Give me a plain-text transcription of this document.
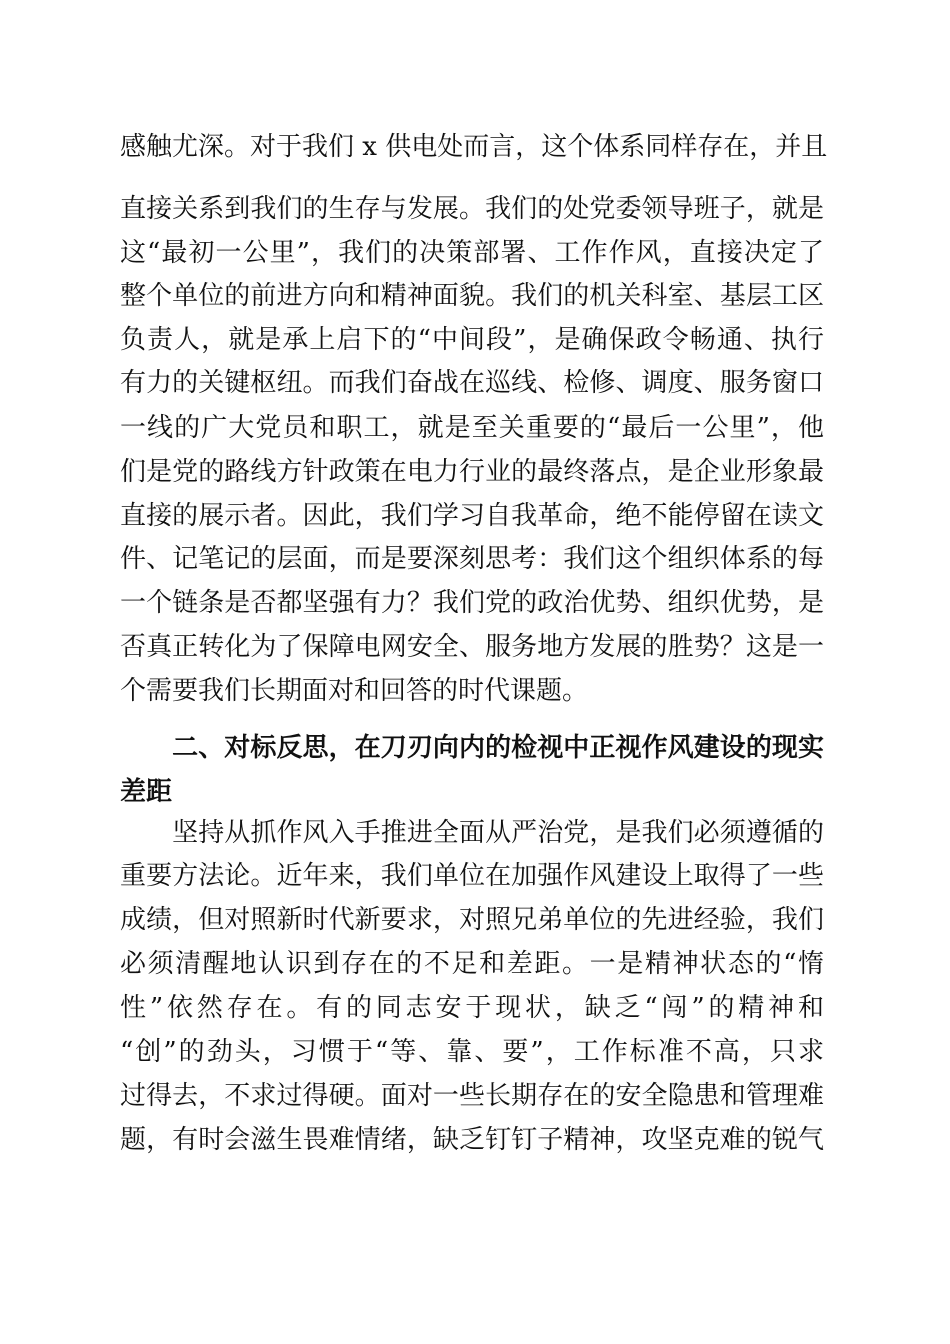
感触尤深。对于我们 x 供电处而言，这个体系同样存在，并且
直接关系到我们的生存与发展。我们的处党委领导班子，就是
这“最初一公里”，我们的决策部署、工作作风，直接决定了
整个单位的前进方向和精神面貌。我们的机关科室、基层工区
负责人，就是承上启下的“中间段”，是确保政令畅通、执行
有力的关键枢纽。而我们奋战在巡线、检修、调度、服务窗口
一线的广大党员和职工，就是至关重要的“最后一公里”，他
们是党的路线方针政策在电力行业的最终落点，是企业形象最
直接的展示者。因此，我们学习自我革命，绝不能停留在读文
件、记笔记的层面，而是要深刻思考：我们这个组织体系的每
一个链条是否都坚强有力？我们党的政治优势、组织优势，是
否真正转化为了保障电网安全、服务地方发展的胜势？这是一
个需要我们长期面对和回答的时代课题。
　　二、对标反思，在刀刃向内的检视中正视作风建设的现实
差距
　　坚持从抓作风入手推进全面从严治党，是我们必须遵循的
重要方法论。近年来，我们单位在加强作风建设上取得了一些
成绩，但对照新时代新要求，对照兄弟单位的先进经验，我们
必须清醒地认识到存在的不足和差距。一是精神状态的“惰
性”依然存在。有的同志安于现状，缺乏“闯”的精神和
“创”的劲头，习惯于“等、靠、要”，工作标准不高，只求
过得去，不求过得硬。面对一些长期存在的安全隐患和管理难
题，有时会滋生畏难情绪，缺乏钉钉子精神，攻坚克难的锐气
